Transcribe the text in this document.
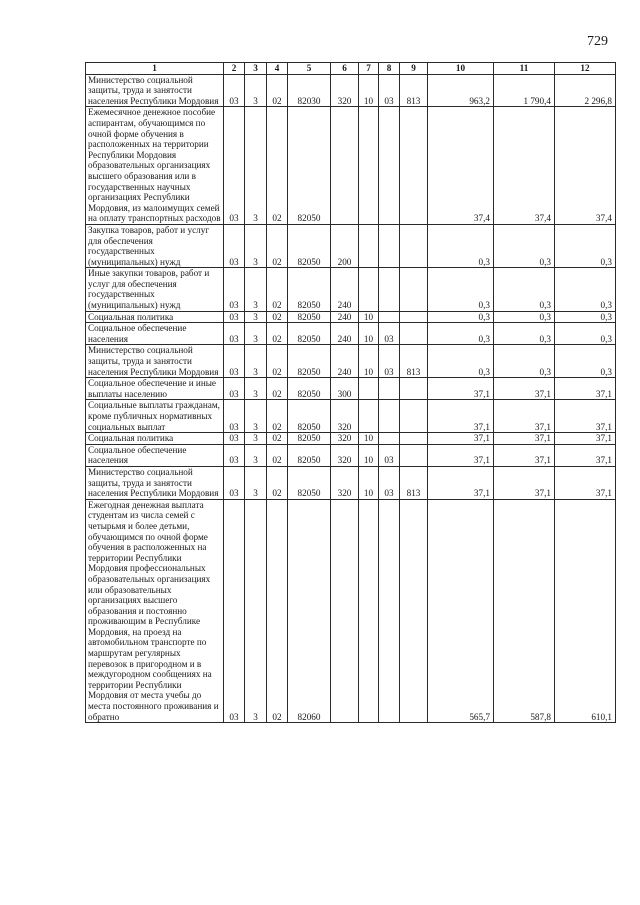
729
1	2	3	4	5	6	7	8	9	10	11	12
Министерство социальной защиты, труда и занятости населения Республики Мордовия	03	3	02	82030	320	10	03	813	963,2	1 790,4	2 296,8
Ежемесячное денежное пособие аспирантам, обучающимся по очной форме обучения в расположенных на территории Республики Мордовия образовательных организациях высшего образования или в государственных научных организациях Республики Мордовия, из малоимущих семей на оплату транспортных расходов	03	3	02	82050					37,4	37,4	37,4
Закупка товаров, работ и услуг для обеспечения государственных (муниципальных) нужд	03	3	02	82050	200				0,3	0,3	0,3
Иные закупки товаров, работ и услуг для обеспечения государственных (муниципальных) нужд	03	3	02	82050	240				0,3	0,3	0,3
Социальная политика	03	3	02	82050	240	10			0,3	0,3	0,3
Социальное обеспечение населения	03	3	02	82050	240	10	03		0,3	0,3	0,3
Министерство социальной защиты, труда и занятости населения Республики Мордовия	03	3	02	82050	240	10	03	813	0,3	0,3	0,3
Социальное обеспечение и иные выплаты населению	03	3	02	82050	300				37,1	37,1	37,1
Социальные выплаты гражданам, кроме публичных нормативных социальных выплат	03	3	02	82050	320				37,1	37,1	37,1
Социальная политика	03	3	02	82050	320	10			37,1	37,1	37,1
Социальное обеспечение населения	03	3	02	82050	320	10	03		37,1	37,1	37,1
Министерство социальной защиты, труда и занятости населения Республики Мордовия	03	3	02	82050	320	10	03	813	37,1	37,1	37,1
Ежегодная денежная выплата студентам из числа семей с четырьмя и более детьми, обучающимся по очной форме обучения в расположенных на территории Республики Мордовия профессиональных образовательных организациях или образовательных организациях высшего образования и постоянно проживающим в Республике Мордовия, на проезд на автомобильном транспорте по маршрутам регулярных перевозок в пригородном и в междугородном сообщениях на территории Республики Мордовия от места учебы до места постоянного проживания и обратно	03	3	02	82060					565,7	587,8	610,1
